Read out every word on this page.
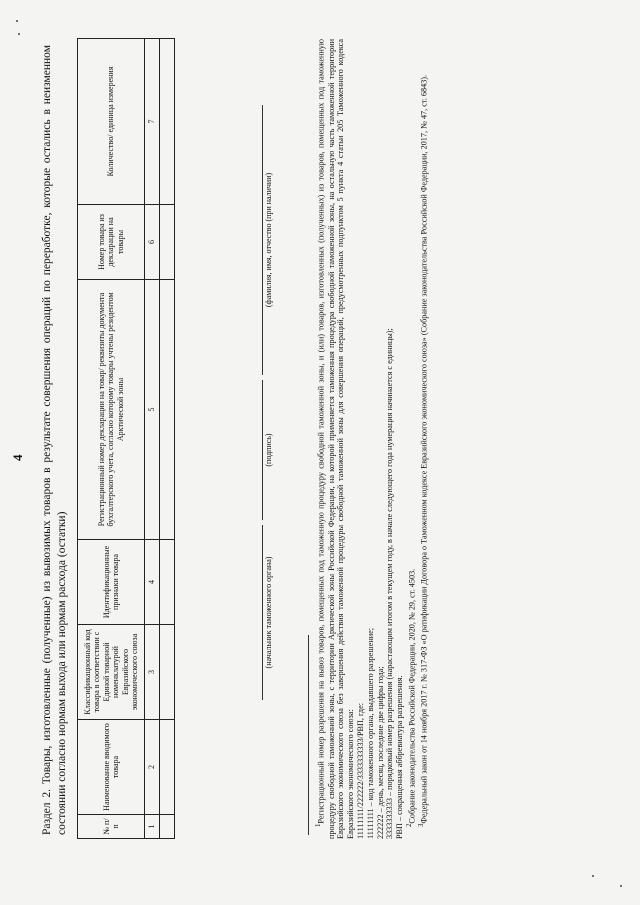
4 Раздел 2. Товары, изготовленные (полученные) из вывозимых товаров в результате совершения операций по переработке, которые остались в неизменном состоянии согласно нормам выхода или нормам расхода (остатки)	№ п/п	Наименование вводимого товара	Классификационный код товара в соответствии с Единой товарной номенклатурой Евразийского экономического союза	Идентификационные признаки товара	Регистрационный номер декларации на товар/ реквизиты документа бухгалтерского учета, согласно которому товары учтены резидентом Арктической зоны	Номер товара из декларации на товары	Количество/ единица измерения
1	2	3	4	5	6	7

(начальник таможенного органа)
(подпись)
(фамилия, имя, отчество (при наличии)

$^1$Регистрационный номер разрешения на вывоз товаров, помещенных под таможенную процедуру свободной таможенной зоны, и (или) товаров, изготовленных (полученных) из товаров, помещенных под таможенную процедуру свободной таможенной зоны, с территории Арктической зоны Российской Федерации, на которой применяется таможенная процедура свободной таможенной зоны, на остальную часть таможенной территории Евразийского экономического союза без завершения действия таможенной процедуры свободной таможенной зоны для совершения операций, предусмотренных подпунктом 5 пункта 4 статьи 205 Таможенного кодекса Евразийского экономического союза: 11111111/222222/3333333333/РВП, где: 11111111 – код таможенного органа, выдавшего разрешение; 222222 – день, месяц, последние две цифры года; 3333333333 – порядковый номер разрешения (нарастающим итогом в текущем году, в начале следующего года нумерация начинается с единицы); РВП – сокращенная аббревиатура разрешения. $^2$Собрание законодательства Российской Федерации, 2020, № 29, ст. 4503.

$^3$Федеральный закон от 14 ноября 2017 г. № 317-ФЗ «О ратификации Договора о Таможенном кодексе Евразийского экономического союза» (Собрание законодательства Российской Федерации, 2017, № 47, ст. 6843).
